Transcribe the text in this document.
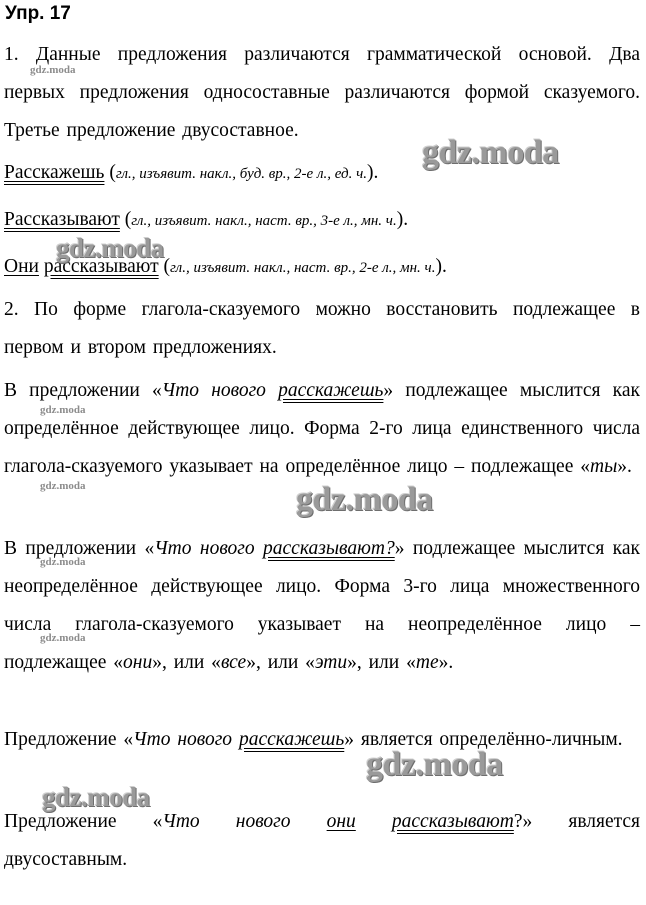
Упр. 17

1. Данные предложения различаются грамматической основой. Два первых предложения односоставные различаются формой сказуемого. Третье предложение двусоставное.

Расскажешь (гл., изъявит. накл., буд. вр., 2-е л., ед. ч.).

Рассказывают (гл., изъявит. накл., наст. вр., 3-е л., мн. ч.).

Они рассказывают (гл., изъявит. накл., наст. вр., 2-е л., мн. ч.).

2. По форме глагола-сказуемого можно восстановить подлежащее в первом и втором предложениях.

В предложении «Что нового расскажешь» подлежащее мыслится как определённое действующее лицо. Форма 2-го лица единственного числа глагола-сказуемого указывает на определённое лицо – подлежащее «ты».

В предложении «Что нового рассказывают?» подлежащее мыслится как неопределённое действующее лицо. Форма 3-го лица множественного числа глагола-сказуемого указывает на неопределённое лицо – подлежащее «они», или «все», или «эти», или «те».

Предложение «Что нового расскажешь» является определённо-личным.

Предложение «Что нового они рассказывают?» является двусоставным.

gdz.moda
gdz.moda
gdz.moda
gdz.moda
gdz.moda	gdz.moda
gdz.moda
gdz.moda
gdz.moda
gdz.moda
